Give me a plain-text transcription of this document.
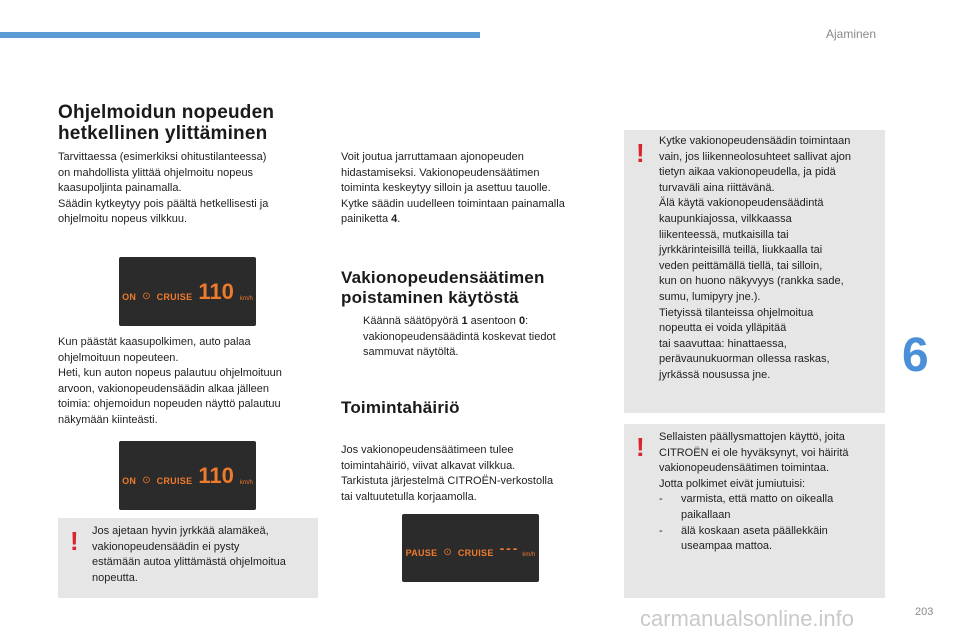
Ajaminen
Ohjelmoidun nopeuden
hetkellinen ylittäminen
Tarvittaessa (esimerkiksi ohitustilanteessa)
on mahdollista ylittää ohjelmoitu nopeus
kaasupoljinta painamalla.
Säädin kytkeytyy pois päältä hetkellisesti ja
ohjelmoitu nopeus vilkkuu.
ON ⊙ CRUISE 110 km/h
Kun päästät kaasupolkimen, auto palaa
ohjelmoituun nopeuteen.
Heti, kun auton nopeus palautuu ohjelmoituun
arvoon, vakionopeudensäädin alkaa jälleen
toimia: ohjemoidun nopeuden näyttö palautuu
näkymään kiinteästi.
ON ⊙ CRUISE 110 km/h
! Jos ajetaan hyvin jyrkkää alamäkeä,
vakionopeudensäädin ei pysty
estämään autoa ylittämästä ohjelmoitua
nopeutta.
Voit joutua jarruttamaan ajonopeuden
hidastamiseksi. Vakionopeudensäätimen
toiminta keskeytyy silloin ja asettuu tauolle.
Kytke säädin uudelleen toimintaan painamalla
painiketta 4.
Vakionopeudensäätimen
poistaminen käytöstä
Käännä säätöpyörä 1 asentoon 0:
vakionopeudensäädintä koskevat tiedot
sammuvat näytöltä.
Toimintahäiriö
Jos vakionopeudensäätimeen tulee
toimintahäiriö, viivat alkavat vilkkua.
Tarkistuta järjestelmä CITROËN-verkostolla
tai valtuutetulla korjaamolla.
PAUSE ⊙ CRUISE - - - km/h
! Kytke vakionopeudensäädin toimintaan
vain, jos liikenneolosuhteet sallivat ajon
tietyn aikaa vakionopeudella, ja pidä
turvaväli aina riittävänä.
Älä käytä vakionopeudensäädintä
kaupunkiajossa, vilkkaassa
liikenteessä, mutkaisilla tai
jyrkkärinteisillä teillä, liukkaalla tai
veden peittämällä tiellä, tai silloin,
kun on huono näkyvyys (rankka sade,
sumu, lumipyry jne.).
Tietyissä tilanteissa ohjelmoitua
nopeutta ei voida ylläpitää
tai saavuttaa: hinattaessa,
perävaunukuorman ollessa raskas,
jyrkässä nousussa jne.
! Sellaisten päällysmattojen käyttö, joita
CITROËN ei ole hyväksynyt, voi häiritä
vakionopeudensäätimen toimintaa.
Jotta polkimet eivät jumiutuisi:
-	varmista, että matto on oikealla
paikallaan
-	älä koskaan aseta päällekkäin
useampaa mattoa.
6
carmanualsonline.info	203
